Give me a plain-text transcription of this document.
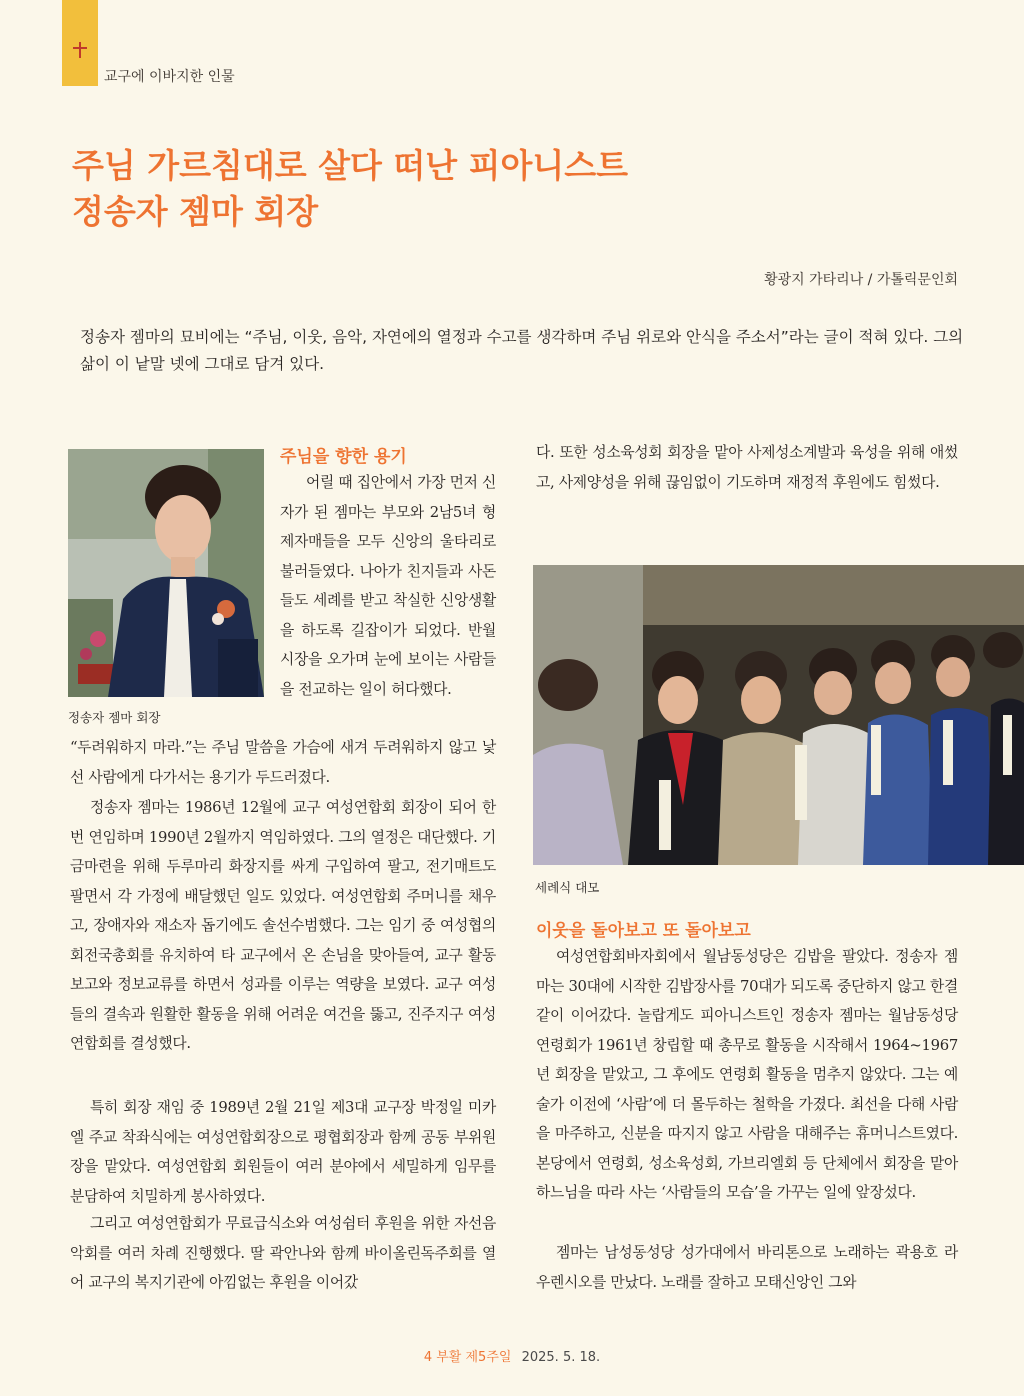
교구에 이바지한 인물
주님 가르침대로 살다 떠난 피아니스트
정송자 젬마 회장
황광지 가타리나 / 가톨릭문인회

정송자 젬마의 묘비에는 “주님, 이웃, 음악, 자연에의 열정과 수고를 생각하며 주님 위로와 안식을 주소서”라는 글이 적혀 있다. 그의 삶이 이 낱말 넷에 그대로 담겨 있다.

정송자 젬마 회장
세례식 대모
주님을 향한 용기

어릴 때 집안에서 가장 먼저 신자가 된 젬마는 부모와 2남5녀 형제자매들을 모두 신앙의 울타리로 불러들였다. 나아가 친지들과 사돈들도 세례를 받고 착실한 신앙생활을 하도록 길잡이가 되었다. 반월시장을 오가며 눈에 보이는 사람들을 전교하는 일이 허다했다.

“두려워하지 마라.”는 주님 말씀을 가슴에 새겨 두려워하지 않고 낯선 사람에게 다가서는 용기가 두드러졌다.

정송자 젬마는 1986년 12월에 교구 여성연합회 회장이 되어 한 번 연임하며 1990년 2월까지 역임하였다. 그의 열정은 대단했다. 기금마련을 위해 두루마리 화장지를 싸게 구입하여 팔고, 전기매트도 팔면서 각 가정에 배달했던 일도 있었다. 여성연합회 주머니를 채우고, 장애자와 재소자 돕기에도 솔선수범했다. 그는 임기 중 여성협의회전국총회를 유치하여 타 교구에서 온 손님을 맞아들여, 교구 활동보고와 정보교류를 하면서 성과를 이루는 역량을 보였다. 교구 여성들의 결속과 원활한 활동을 위해 어려운 여건을 뚫고, 진주지구 여성연합회를 결성했다.

특히 회장 재임 중 1989년 2월 21일 제3대 교구장 박정일 미카엘 주교 착좌식에는 여성연합회장으로 평협회장과 함께 공동 부위원장을 맡았다. 여성연합회 회원들이 여러 분야에서 세밀하게 임무를 분담하여 치밀하게 봉사하였다.

그리고 여성연합회가 무료급식소와 여성쉼터 후원을 위한 자선음악회를 여러 차례 진행했다. 딸 곽안나와 함께 바이올린독주회를 열어 교구의 복지기관에 아낌없는 후원을 이어갔

다. 또한 성소육성회 회장을 맡아 사제성소계발과 육성을 위해 애썼고, 사제양성을 위해 끊임없이 기도하며 재정적 후원에도 힘썼다.

이웃을 돌아보고 또 돌아보고

여성연합회바자회에서 월남동성당은 김밥을 팔았다. 정송자 젬마는 30대에 시작한 김밥장사를 70대가 되도록 중단하지 않고 한결같이 이어갔다. 놀랍게도 피아니스트인 정송자 젬마는 월남동성당 연령회가 1961년 창립할 때 총무로 활동을 시작해서 1964~1967년 회장을 맡았고, 그 후에도 연령회 활동을 멈추지 않았다. 그는 예술가 이전에 ‘사람’에 더 몰두하는 철학을 가졌다. 최선을 다해 사람을 마주하고, 신분을 따지지 않고 사람을 대해주는 휴머니스트였다. 본당에서 연령회, 성소육성회, 가브리엘회 등 단체에서 회장을 맡아 하느님을 따라 사는 ‘사람들의 모습’을 가꾸는 일에 앞장섰다.

젬마는 남성동성당 성가대에서 바리톤으로 노래하는 곽용호 라우렌시오를 만났다. 노래를 잘하고 모태신앙인 그와

4 부활 제5주일 2025. 5. 18.
